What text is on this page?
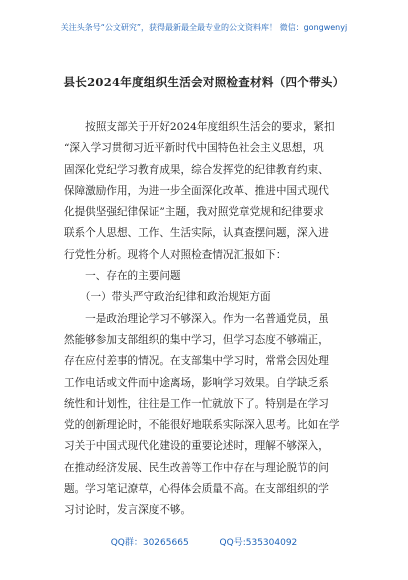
关注头条号“公文研究”，获得最新最全最专业的公文资料库！ 微信：gongwenyj
县长2024年度组织生活会对照检查材料（四个带头）
　　按照支部关于开好2024年度组织生活会的要求，紧扣
“深入学习贯彻习近平新时代中国特色社会主义思想，巩
固深化党纪学习教育成果，综合发挥党的纪律教育约束、
保障激励作用，为进一步全面深化改革、推进中国式现代
化提供坚强纪律保证”主题，我对照党章党规和纪律要求
联系个人思想、工作、生活实际，认真查摆问题，深入进
行党性分析。现将个人对照检查情况汇报如下：
　　一、存在的主要问题
　　（一）带头严守政治纪律和政治规矩方面
　　一是政治理论学习不够深入。作为一名普通党员，虽
然能够参加支部组织的集中学习，但学习态度不够端正，
存在应付差事的情况。在支部集中学习时，常常会因处理
工作电话或文件而中途离场，影响学习效果。自学缺乏系
统性和计划性，往往是工作一忙就放下了。特别是在学习
党的创新理论时，不能很好地联系实际深入思考。比如在学
习关于中国式现代化建设的重要论述时，理解不够深入，
在推动经济发展、民生改善等工作中存在与理论脱节的问
题。学习笔记潦草，心得体会质量不高。在支部组织的学
习讨论时，发言深度不够。
QQ群：30265665	QQ号:535304092
